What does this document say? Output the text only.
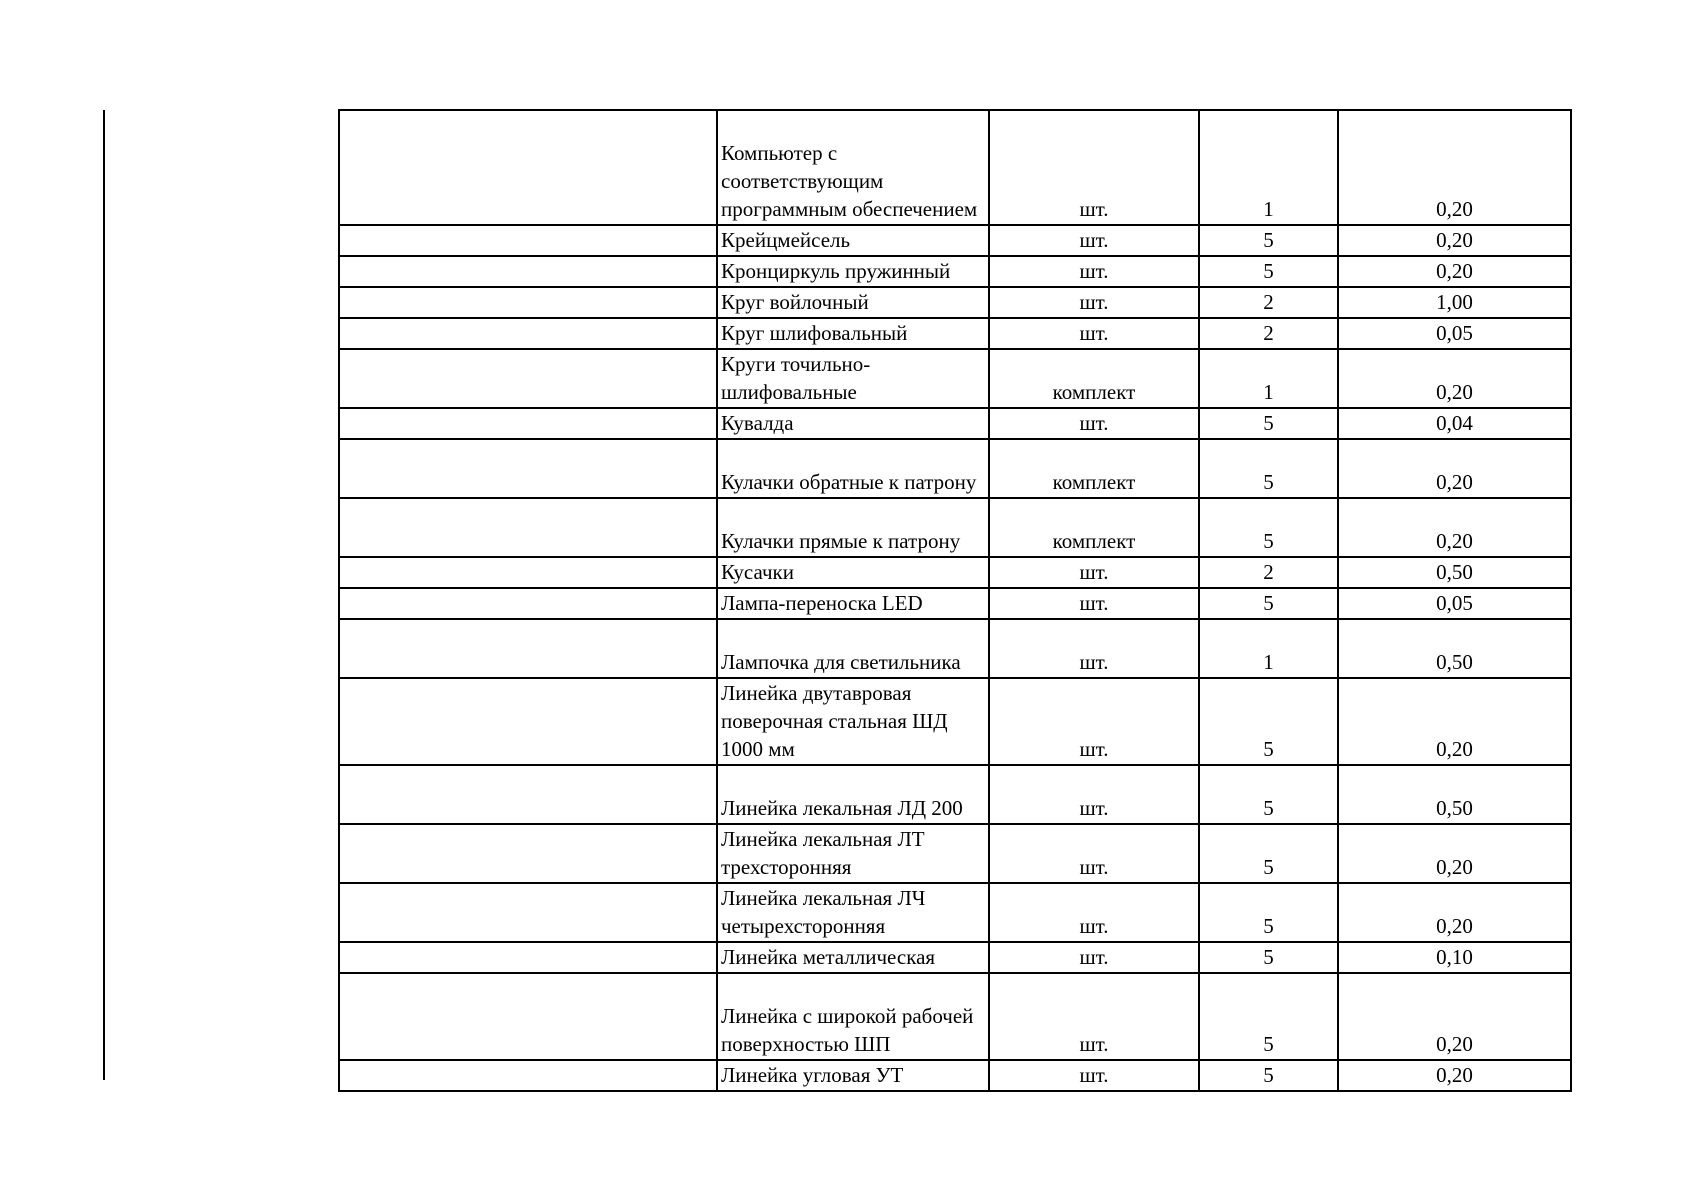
	Компьютер с соответствующим программным обеспечением	шт.	1	0,20
	Крейцмейсель	шт.	5	0,20
	Кронциркуль пружинный	шт.	5	0,20
	Круг войлочный	шт.	2	1,00
	Круг шлифовальный	шт.	2	0,05
	Круги точильно-шлифовальные	комплект	1	0,20
	Кувалда	шт.	5	0,04
	Кулачки обратные к патрону	комплект	5	0,20
	Кулачки прямые к патрону	комплект	5	0,20
	Кусачки	шт.	2	0,50
	Лампа-переноска LED	шт.	5	0,05
	Лампочка для светильника	шт.	1	0,50
	Линейка двутавровая поверочная стальная ШД 1000 мм	шт.	5	0,20
	Линейка лекальная ЛД 200	шт.	5	0,50
	Линейка лекальная ЛТ трехсторонняя	шт.	5	0,20
	Линейка лекальная ЛЧ четырехсторонняя	шт.	5	0,20
	Линейка металлическая	шт.	5	0,10
	Линейка с широкой рабочей поверхностью ШП	шт.	5	0,20
	Линейка угловая УТ	шт.	5	0,20
